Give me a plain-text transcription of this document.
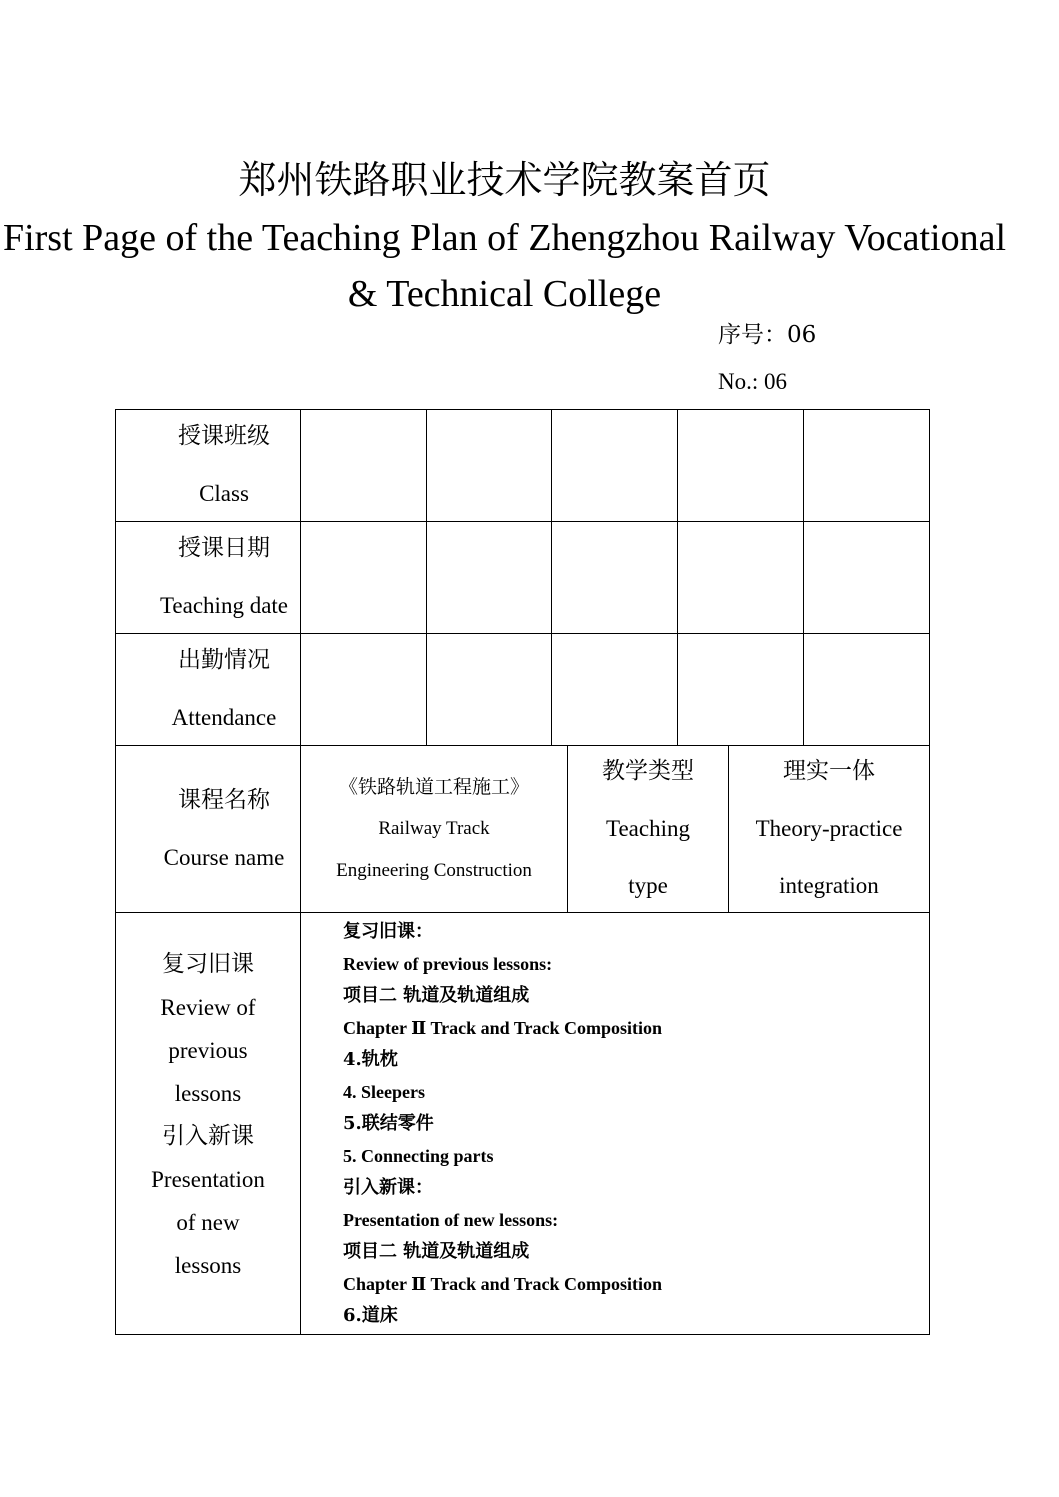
郑州铁路职业技术学院教案首页
First Page of the Teaching Plan of Zhengzhou Railway Vocational & Technical College
序号：06
No.: 06
授课班级
Class
授课日期
Teaching date
出勤情况
Attendance
课程名称
Course name
《铁路轨道工程施工》
Railway Track
Engineering Construction
教学类型
Teaching
type
理实一体
Theory-practice
integration
复习旧课
Review of
previous
lessons
引入新课
Presentation
of new
lessons
复习旧课：
Review of previous lessons:
项目二 轨道及轨道组成
Chapter Ⅱ Track and Track Composition
4.轨枕
4. Sleepers
5.联结零件
5. Connecting parts
引入新课：
Presentation of new lessons:
项目二 轨道及轨道组成
Chapter Ⅱ Track and Track Composition
6.道床
